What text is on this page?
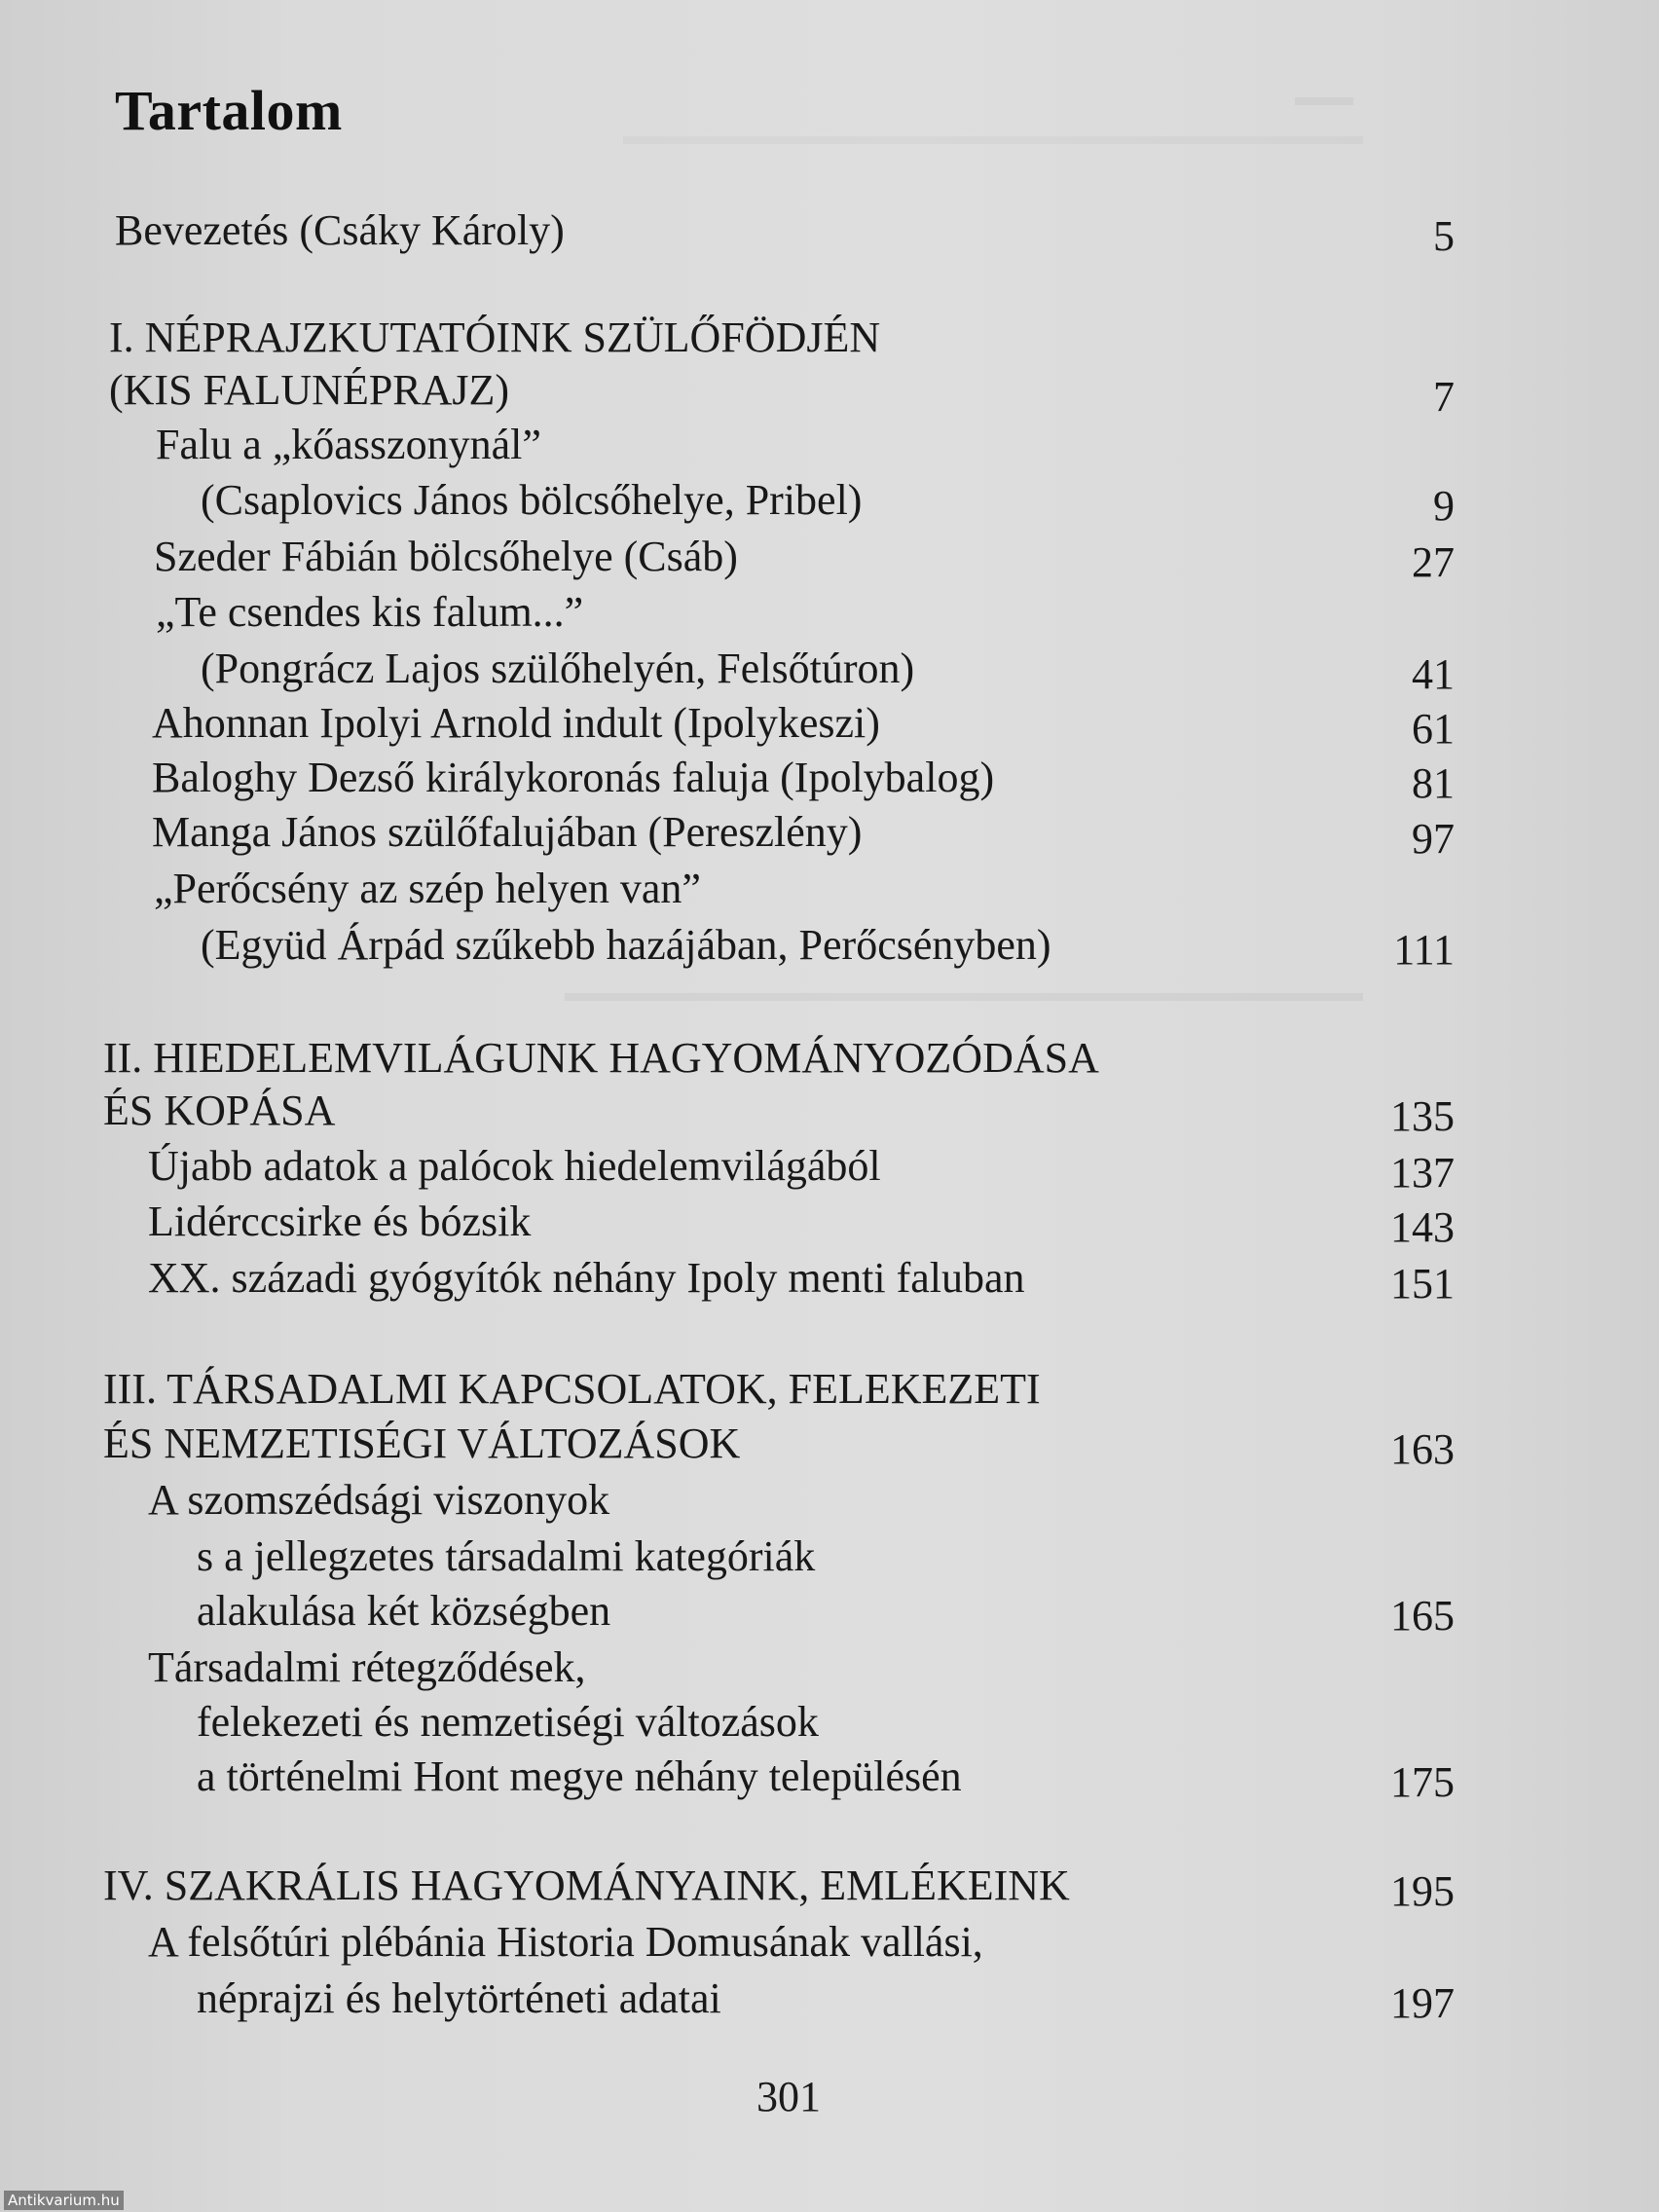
Tartalom
Bevezetés (Csáky Károly)	5
I. NÉPRAJZKUTATÓINK SZÜLŐFÖDJÉN
(KIS FALUNÉPRAJZ)	7
Falu a „kőasszonynál”
(Csaplovics János bölcsőhelye, Pribel)	9
Szeder Fábián bölcsőhelye (Csáb)	27
„Te csendes kis falum...”
(Pongrácz Lajos szülőhelyén, Felsőtúron)	41
Ahonnan Ipolyi Arnold indult (Ipolykeszi)	61
Baloghy Dezső királykoronás faluja (Ipolybalog)	81
Manga János szülőfalujában (Pereszlény)	97
„Perőcsény az szép helyen van”
(Együd Árpád szűkebb hazájában, Perőcsényben)	111
II. HIEDELEMVILÁGUNK HAGYOMÁNYOZÓDÁSA
ÉS KOPÁSA	135
Újabb adatok a palócok hiedelemvilágából	137
Lidérccsirke és bózsik	143
XX. századi gyógyítók néhány Ipoly menti faluban	151
III. TÁRSADALMI KAPCSOLATOK, FELEKEZETI
ÉS NEMZETISÉGI VÁLTOZÁSOK	163
A szomszédsági viszonyok
s a jellegzetes társadalmi kategóriák
alakulása két községben	165
Társadalmi rétegződések,
felekezeti és nemzetiségi változások
a történelmi Hont megye néhány településén	175
IV. SZAKRÁLIS HAGYOMÁNYAINK, EMLÉKEINK	195
A felsőtúri plébánia Historia Domusának vallási,
néprajzi és helytörténeti adatai	197
301
Antikvarium.hu
